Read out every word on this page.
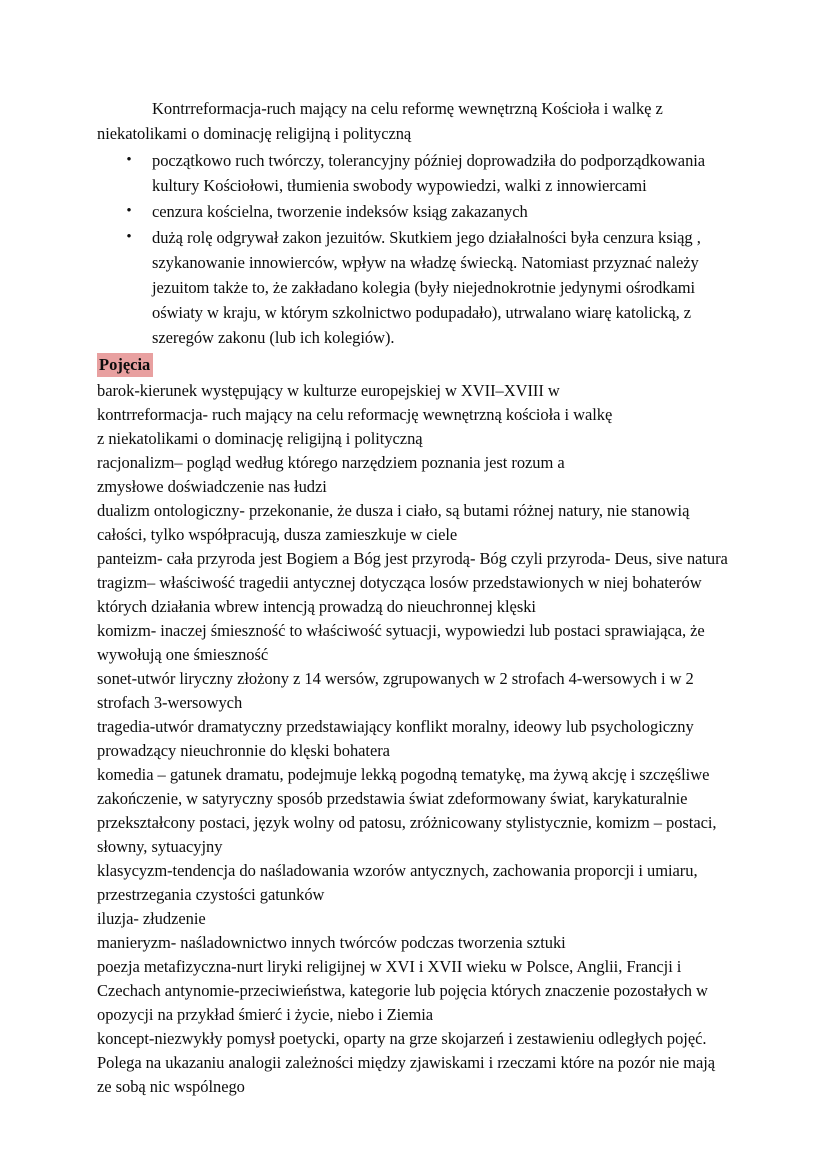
Kontrreformacja-ruch mający na celu reformę wewnętrzną Kościoła i walkę z niekatolikami o dominację religijną i polityczną

• początkowo ruch twórczy, tolerancyjny później doprowadziła do podporządkowania kultury Kościołowi, tłumienia swobody wypowiedzi, walki z innowiercami
• cenzura kościelna, tworzenie indeksów ksiąg zakazanych
• dużą rolę odgrywał zakon jezuitów. Skutkiem jego działalności była cenzura ksiąg , szykanowanie innowierców, wpływ na władzę świecką. Natomiast przyznać należy jezuitom także to, że zakładano kolegia (były niejednokrotnie jedynymi ośrodkami oświaty w kraju, w którym szkolnictwo podupadało), utrwalano wiarę katolicką, z szeregów zakonu (lub ich kolegiów).
Pojęcia
barok-kierunek występujący w kulturze europejskiej w XVII–XVIII w
kontrreformacja- ruch mający na celu reformację wewnętrzną kościoła i walkę z niekatolikami o dominację religijną i polityczną
racjonalizm– pogląd według którego narzędziem poznania jest rozum a zmysłowe doświadczenie nas łudzi
dualizm ontologiczny- przekonanie, że dusza i ciało, są butami różnej natury, nie stanowią całości, tylko współpracują, dusza zamieszkuje w ciele
panteizm- cała przyroda jest Bogiem a Bóg jest przyrodą- Bóg czyli przyroda- Deus, sive natura
tragizm– właściwość tragedii antycznej dotycząca losów przedstawionych w niej bohaterów których działania wbrew intencją prowadzą do nieuchronnej klęski
komizm- inaczej śmieszność to właściwość sytuacji, wypowiedzi lub postaci sprawiająca, że wywołują one śmieszność
sonet-utwór liryczny złożony z 14 wersów, zgrupowanych w 2 strofach 4-wersowych i w 2 strofach 3-wersowych
tragedia-utwór dramatyczny przedstawiający konflikt moralny, ideowy lub psychologiczny prowadzący nieuchronnie do klęski bohatera
komedia – gatunek dramatu, podejmuje lekką pogodną tematykę, ma żywą akcję i szczęśliwe zakończenie, w satyryczny sposób przedstawia świat zdeformowany świat, karykaturalnie przekształcony postaci, język wolny od patosu, zróżnicowany stylistycznie, komizm – postaci, słowny, sytuacyjny
klasycyzm-tendencja do naśladowania wzorów antycznych, zachowania proporcji i umiaru, przestrzegania czystości gatunków
iluzja- złudzenie
manieryzm- naśladownictwo innych twórców podczas tworzenia sztuki
poezja metafizyczna-nurt liryki religijnej w XVI i XVII wieku w Polsce, Anglii, Francji i Czechach antynomie-przeciwieństwa, kategorie lub pojęcia których znaczenie pozostałych w opozycji na przykład śmierć i życie, niebo i Ziemia
koncept-niezwykły pomysł poetycki, oparty na grze skojarzeń i zestawieniu odległych pojęć. Polega na ukazaniu analogii zależności między zjawiskami i rzeczami które na pozór nie mają ze sobą nic wspólnego
